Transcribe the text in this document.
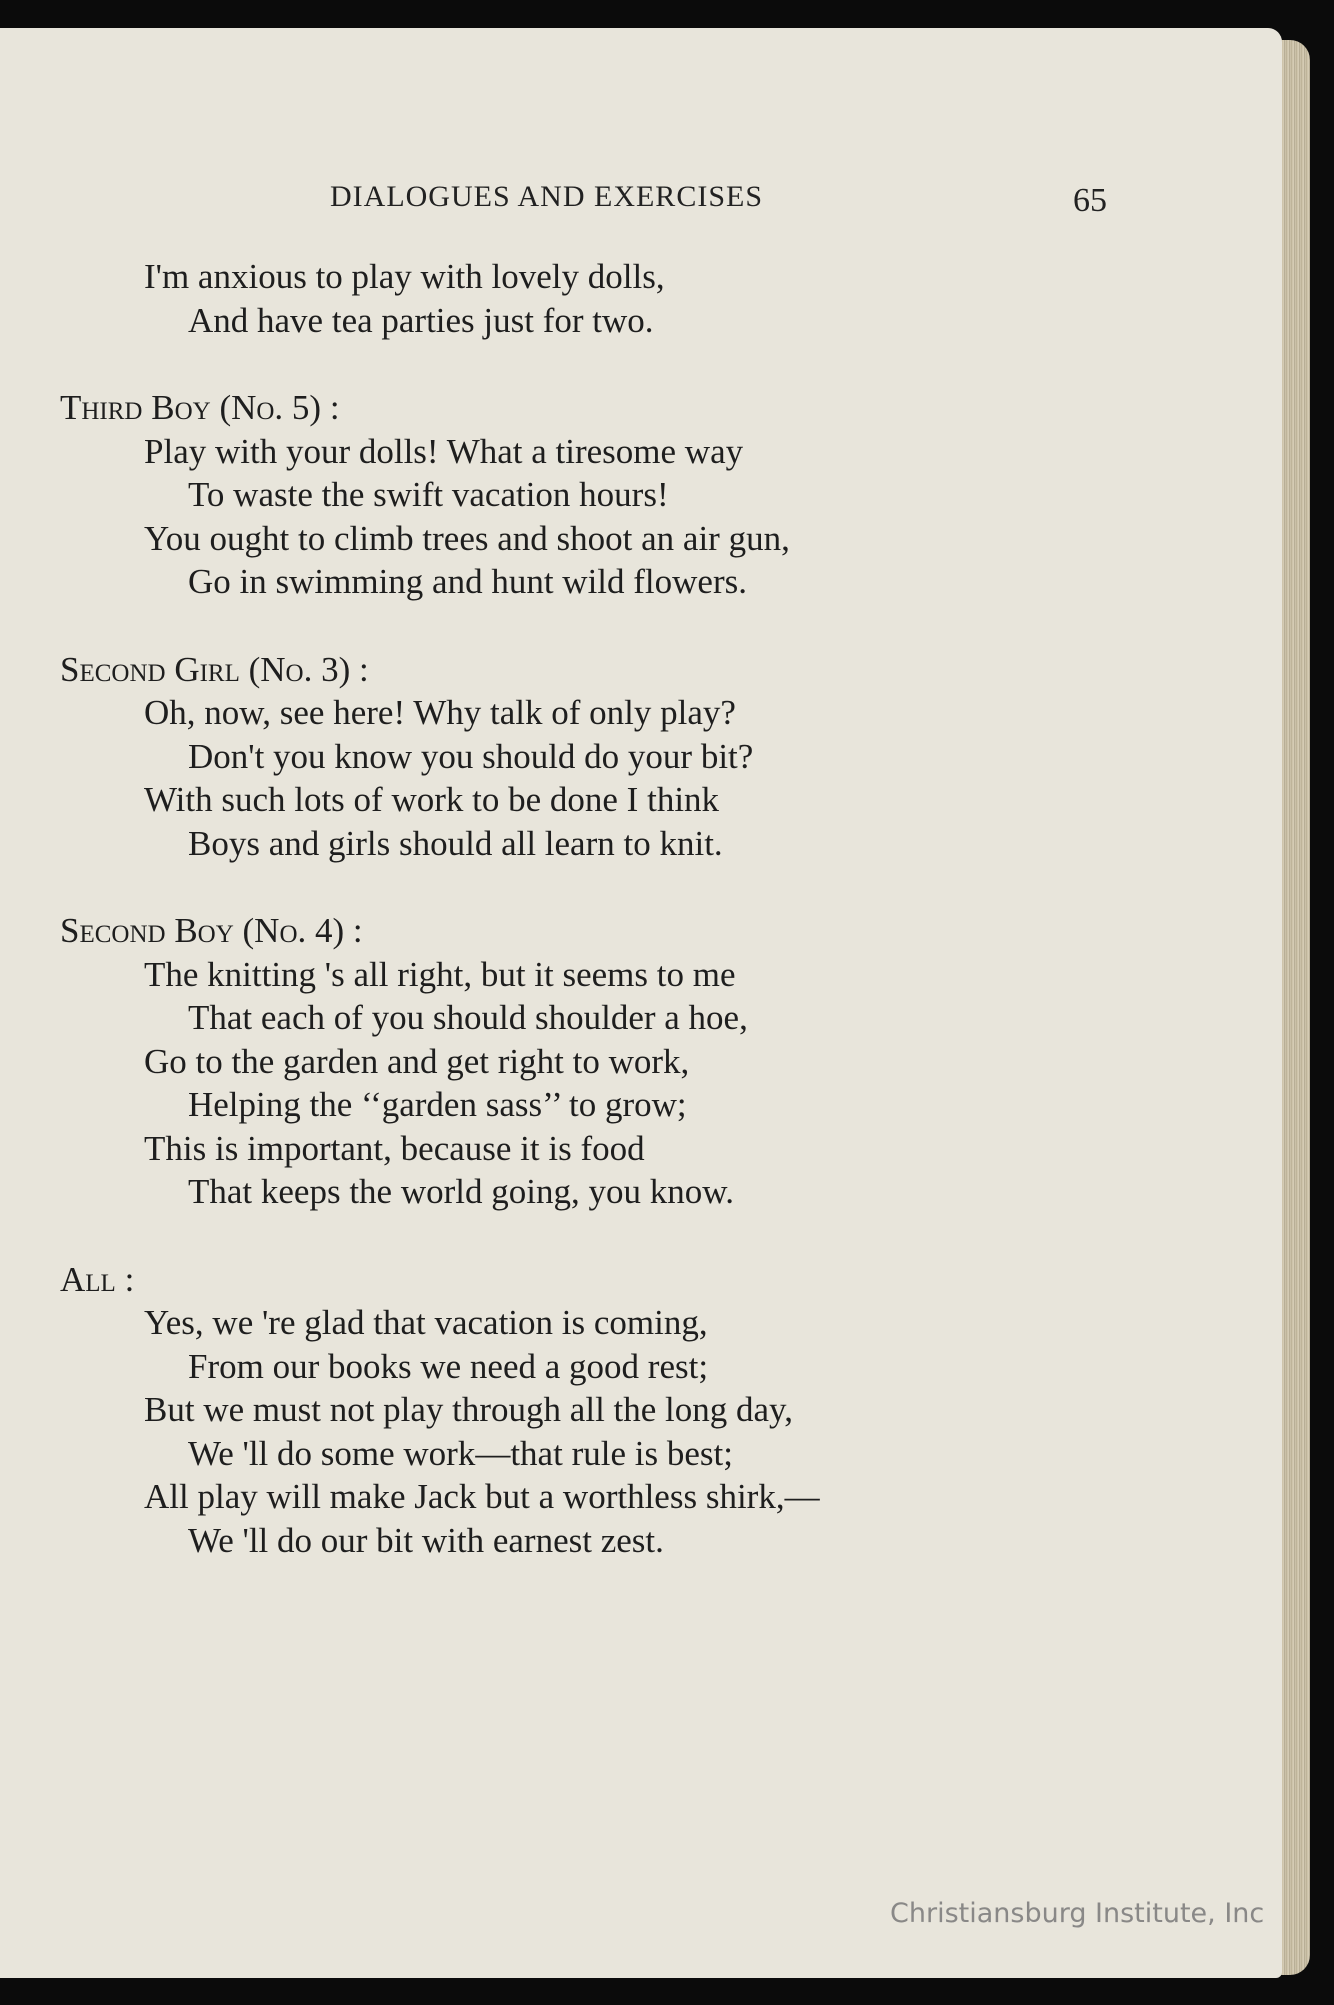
DIALOGUES AND EXERCISES	65
I'm anxious to play with lovely dolls,
And have tea parties just for two.
Third Boy (No. 5) :
Play with your dolls! What a tiresome way
To waste the swift vacation hours!
You ought to climb trees and shoot an air gun,
Go in swimming and hunt wild flowers.
Second Girl (No. 3) :
Oh, now, see here! Why talk of only play?
Don't you know you should do your bit?
With such lots of work to be done I think
Boys and girls should all learn to knit.
Second Boy (No. 4) :
The knitting 's all right, but it seems to me
That each of you should shoulder a hoe,
Go to the garden and get right to work,
Helping the ‘‘garden sass’’ to grow;
This is important, because it is food
That keeps the world going, you know.
All :
Yes, we 're glad that vacation is coming,
From our books we need a good rest;
But we must not play through all the long day,
We 'll do some work—that rule is best;
All play will make Jack but a worthless shirk,—
We 'll do our bit with earnest zest.
Christiansburg Institute, Inc
